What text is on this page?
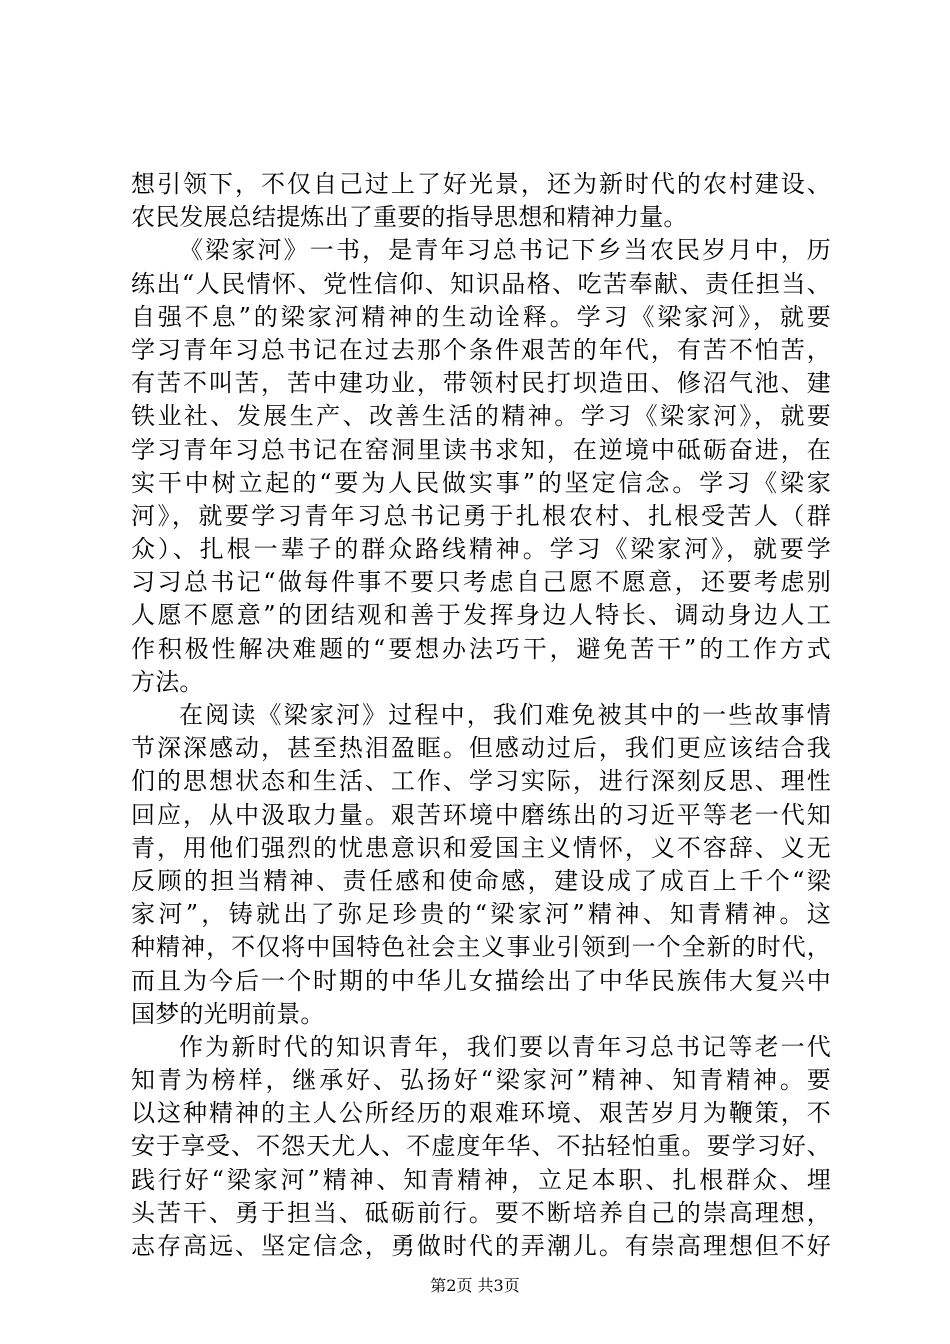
想引领下，不仅自己过上了好光景，还为新时代的农村建设、
农民发展总结提炼出了重要的指导思想和精神力量。
《梁家河》一书，是青年习总书记下乡当农民岁月中，历
练出“人民情怀、党性信仰、知识品格、吃苦奉献、责任担当、
自强不息”的梁家河精神的生动诠释。学习《梁家河》，就要
学习青年习总书记在过去那个条件艰苦的年代，有苦不怕苦，
有苦不叫苦，苦中建功业，带领村民打坝造田、修沼气池、建
铁业社、发展生产、改善生活的精神。学习《梁家河》，就要
学习青年习总书记在窑洞里读书求知，在逆境中砥砺奋进，在
实干中树立起的“要为人民做实事”的坚定信念。学习《梁家
河》，就要学习青年习总书记勇于扎根农村、扎根受苦人（群
众）、扎根一辈子的群众路线精神。学习《梁家河》，就要学
习习总书记“做每件事不要只考虑自己愿不愿意，还要考虑别
人愿不愿意”的团结观和善于发挥身边人特长、调动身边人工
作积极性解决难题的“要想办法巧干，避免苦干”的工作方式
方法。
在阅读《梁家河》过程中，我们难免被其中的一些故事情
节深深感动，甚至热泪盈眶。但感动过后，我们更应该结合我
们的思想状态和生活、工作、学习实际，进行深刻反思、理性
回应，从中汲取力量。艰苦环境中磨练出的习近平等老一代知
青，用他们强烈的忧患意识和爱国主义情怀，义不容辞、义无
反顾的担当精神、责任感和使命感，建设成了成百上千个“梁
家河”，铸就出了弥足珍贵的“梁家河”精神、知青精神。这
种精神，不仅将中国特色社会主义事业引领到一个全新的时代，
而且为今后一个时期的中华儿女描绘出了中华民族伟大复兴中
国梦的光明前景。
作为新时代的知识青年，我们要以青年习总书记等老一代
知青为榜样，继承好、弘扬好“梁家河”精神、知青精神。要
以这种精神的主人公所经历的艰难环境、艰苦岁月为鞭策，不
安于享受、不怨天尤人、不虚度年华、不拈轻怕重。要学习好、
践行好“梁家河”精神、知青精神，立足本职、扎根群众、埋
头苦干、勇于担当、砥砺前行。要不断培养自己的崇高理想，
志存高远、坚定信念，勇做时代的弄潮儿。有崇高理想但不好
第2页 共3页
